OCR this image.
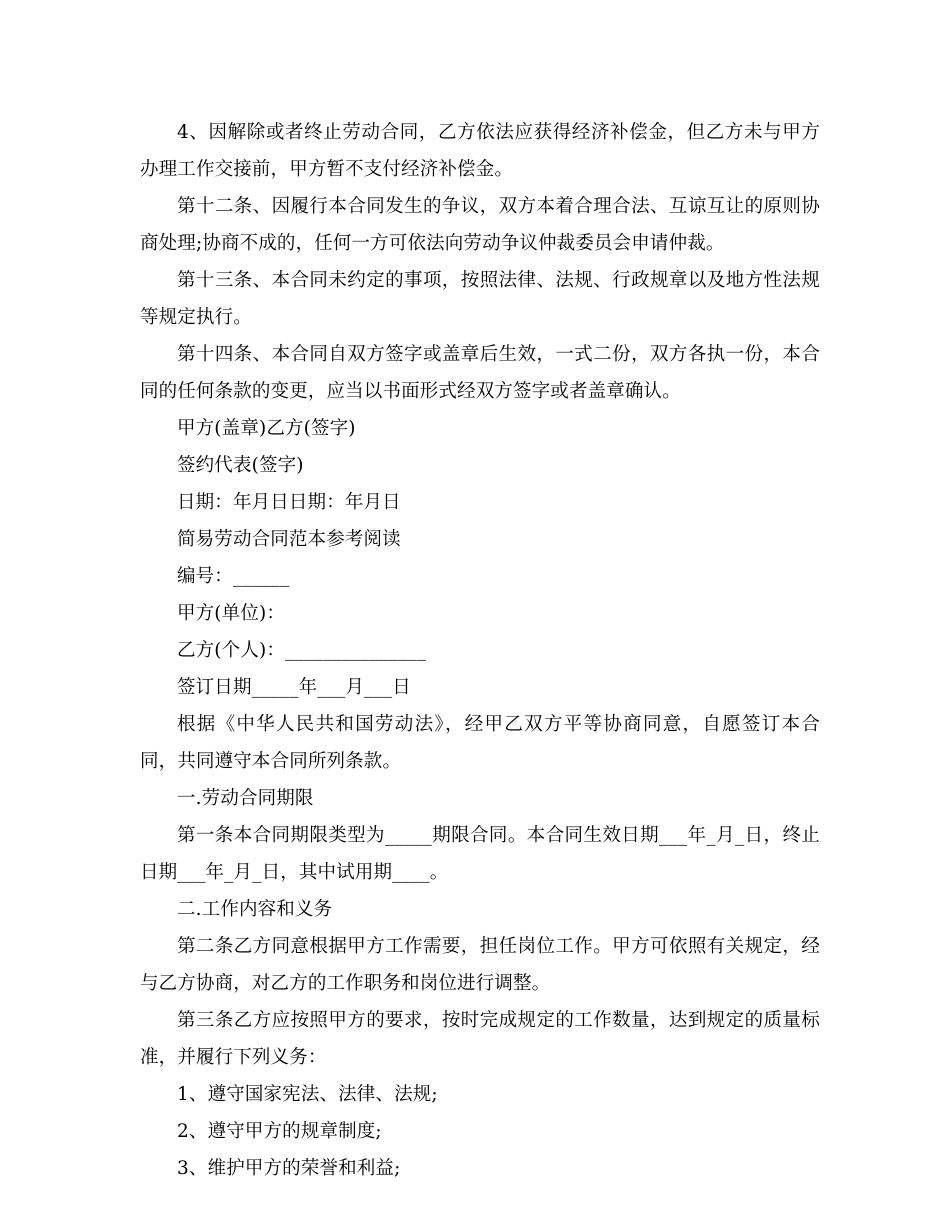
4、因解除或者终止劳动合同，乙方依法应获得经济补偿金，但乙方未与甲方办理工作交接前，甲方暂不支付经济补偿金。

第十二条、因履行本合同发生的争议，双方本着合理合法、互谅互让的原则协商处理;协商不成的，任何一方可依法向劳动争议仲裁委员会申请仲裁。

第十三条、本合同未约定的事项，按照法律、法规、行政规章以及地方性法规等规定执行。

第十四条、本合同自双方签字或盖章后生效，一式二份，双方各执一份，本合同的任何条款的变更，应当以书面形式经双方签字或者盖章确认。

甲方(盖章)乙方(签字)

签约代表(签字)

日期：年月日日期：年月日

简易劳动合同范本参考阅读

编号：______

甲方(单位)：

乙方(个人)：_______________

签订日期_____年___月___日

根据《中华人民共和国劳动法》，经甲乙双方平等协商同意，自愿签订本合同，共同遵守本合同所列条款。

一.劳动合同期限

第一条本合同期限类型为_____期限合同。本合同生效日期___年_月_日，终止日期___年_月_日，其中试用期____。

二.工作内容和义务

第二条乙方同意根据甲方工作需要，担任岗位工作。甲方可依照有关规定，经与乙方协商，对乙方的工作职务和岗位进行调整。

第三条乙方应按照甲方的要求，按时完成规定的工作数量，达到规定的质量标准，并履行下列义务：

1、遵守国家宪法、法律、法规;

2、遵守甲方的规章制度;

3、维护甲方的荣誉和利益;
